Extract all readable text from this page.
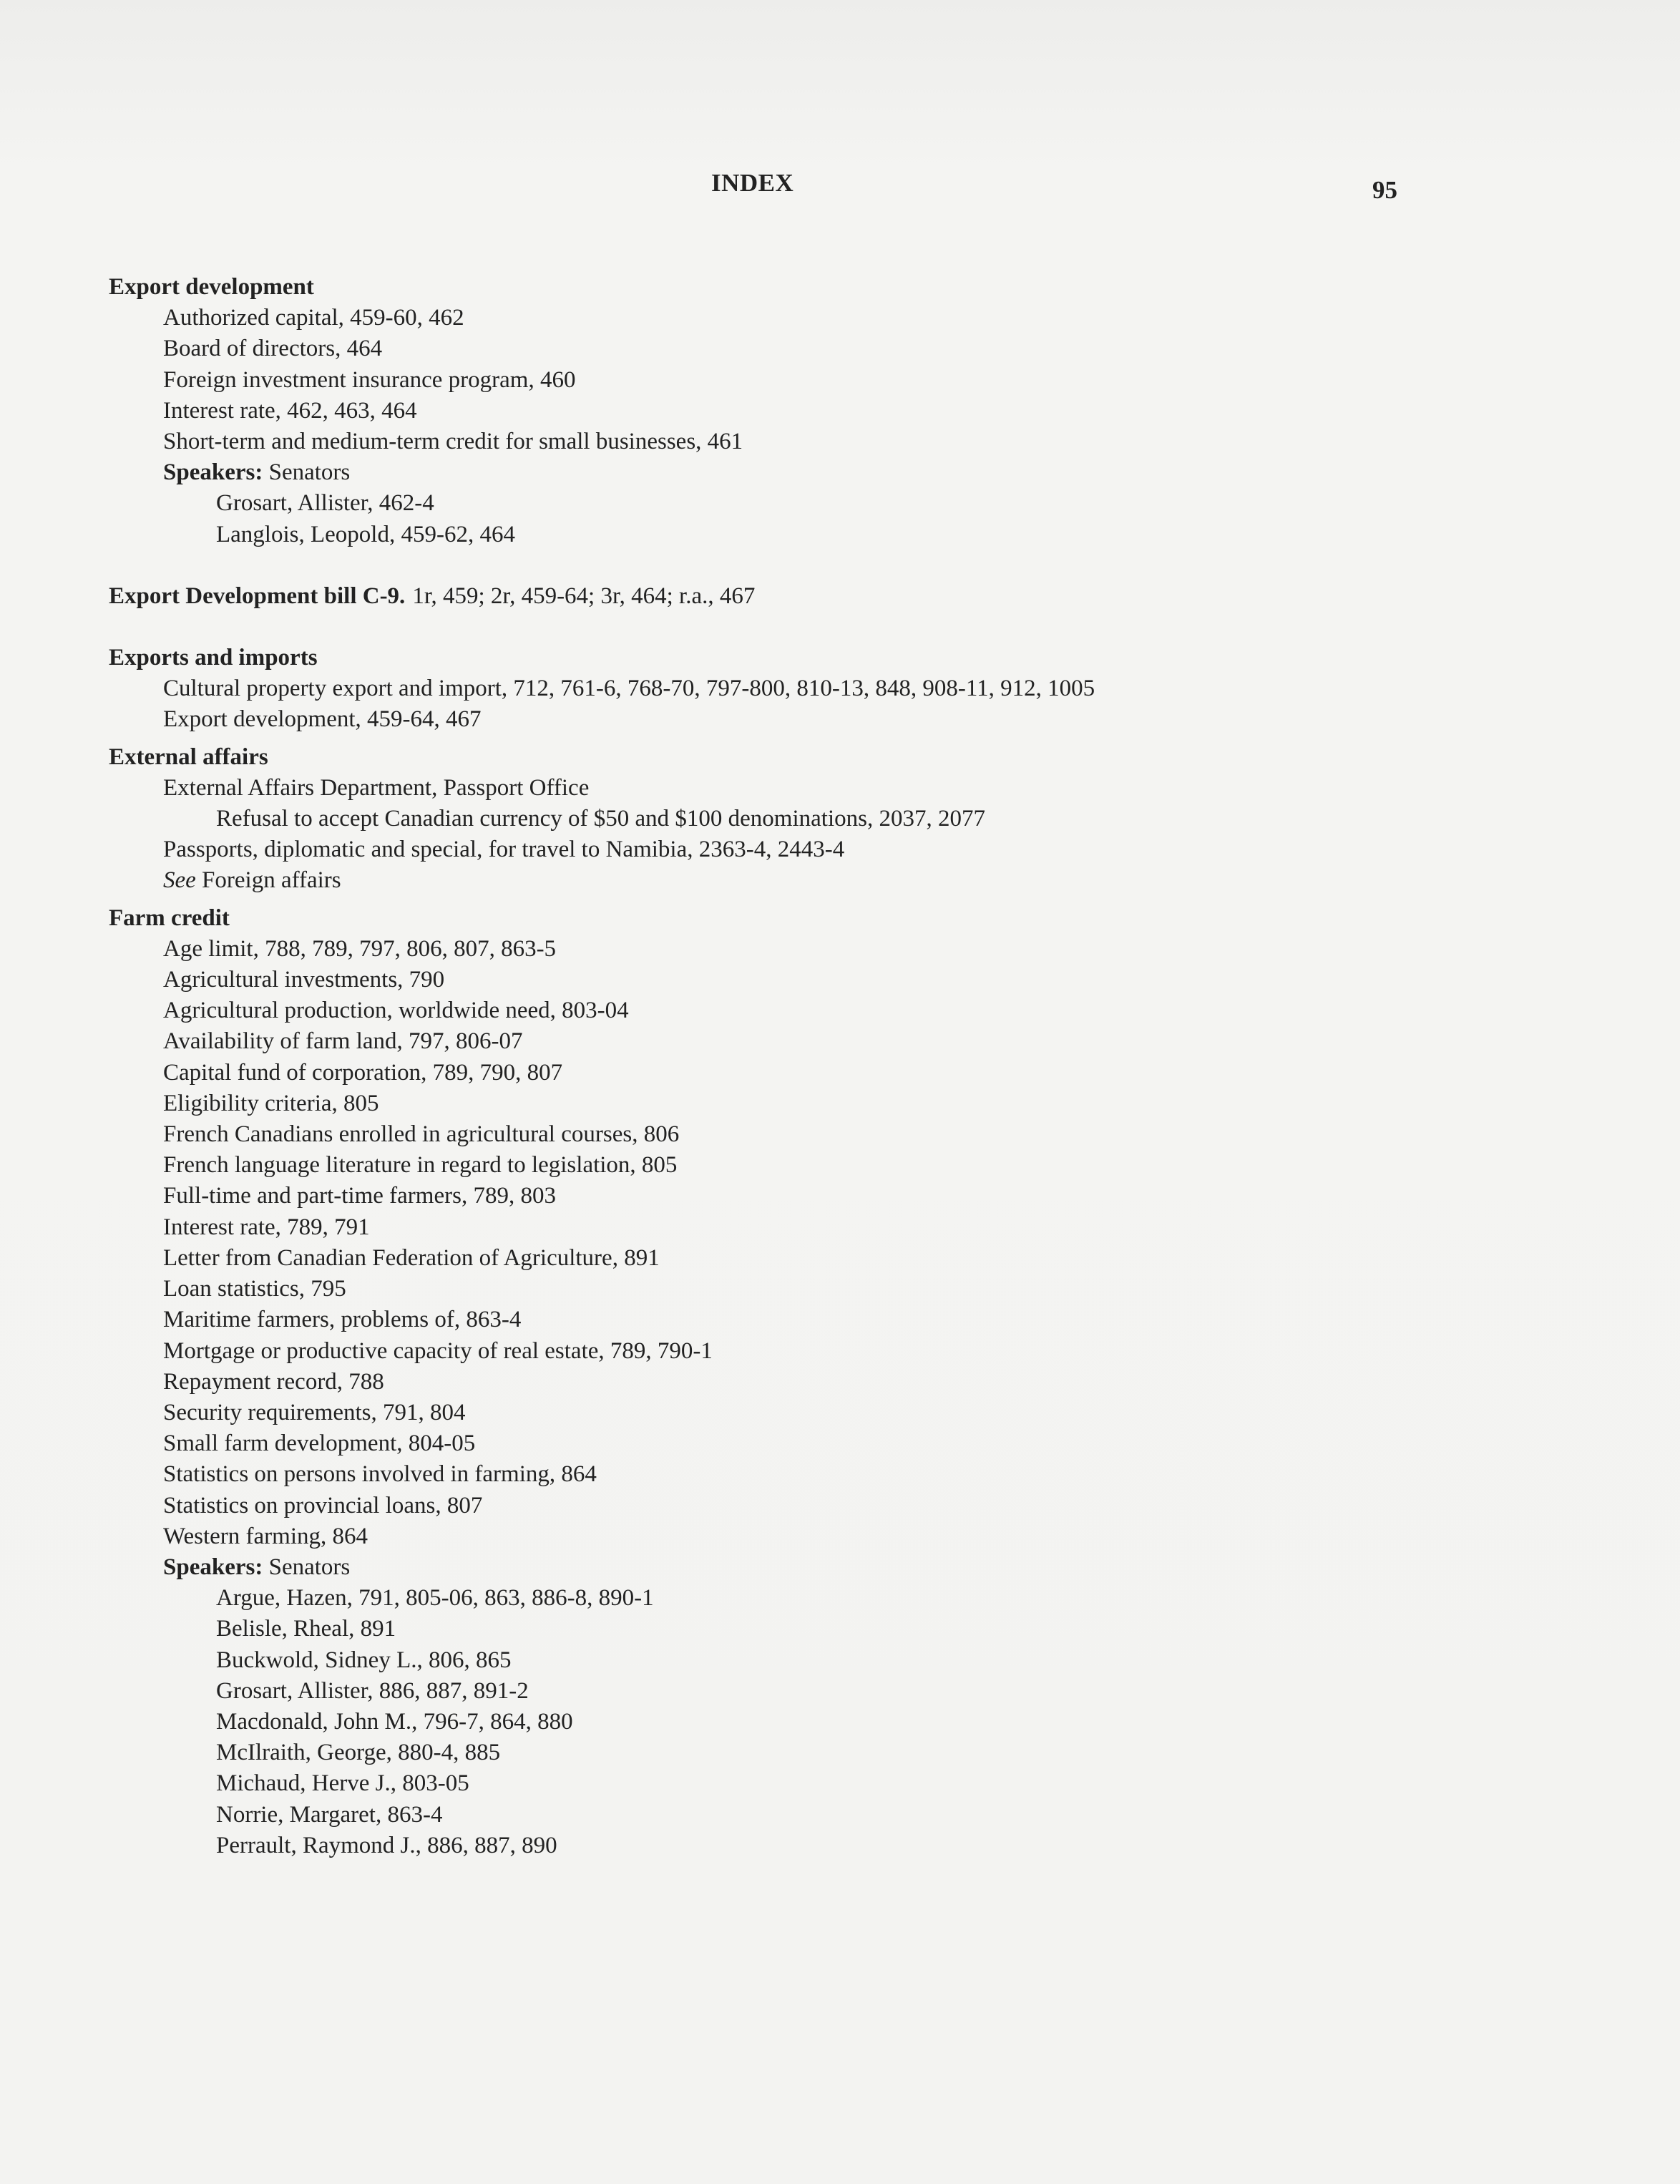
INDEX	95
Export development
Authorized capital, 459-60, 462
Board of directors, 464
Foreign investment insurance program, 460
Interest rate, 462, 463, 464
Short-term and medium-term credit for small businesses, 461
Speakers: Senators
Grosart, Allister, 462-4
Langlois, Leopold, 459-62, 464
Export Development bill C-9. 1r, 459; 2r, 459-64; 3r, 464; r.a., 467
Exports and imports
Cultural property export and import, 712, 761-6, 768-70, 797-800, 810-13, 848, 908-11, 912, 1005
Export development, 459-64, 467
External affairs
External Affairs Department, Passport Office
Refusal to accept Canadian currency of $50 and $100 denominations, 2037, 2077
Passports, diplomatic and special, for travel to Namibia, 2363-4, 2443-4
See Foreign affairs
Farm credit
Age limit, 788, 789, 797, 806, 807, 863-5
Agricultural investments, 790
Agricultural production, worldwide need, 803-04
Availability of farm land, 797, 806-07
Capital fund of corporation, 789, 790, 807
Eligibility criteria, 805
French Canadians enrolled in agricultural courses, 806
French language literature in regard to legislation, 805
Full-time and part-time farmers, 789, 803
Interest rate, 789, 791
Letter from Canadian Federation of Agriculture, 891
Loan statistics, 795
Maritime farmers, problems of, 863-4
Mortgage or productive capacity of real estate, 789, 790-1
Repayment record, 788
Security requirements, 791, 804
Small farm development, 804-05
Statistics on persons involved in farming, 864
Statistics on provincial loans, 807
Western farming, 864
Speakers: Senators
Argue, Hazen, 791, 805-06, 863, 886-8, 890-1
Belisle, Rheal, 891
Buckwold, Sidney L., 806, 865
Grosart, Allister, 886, 887, 891-2
Macdonald, John M., 796-7, 864, 880
McIlraith, George, 880-4, 885
Michaud, Herve J., 803-05
Norrie, Margaret, 863-4
Perrault, Raymond J., 886, 887, 890
